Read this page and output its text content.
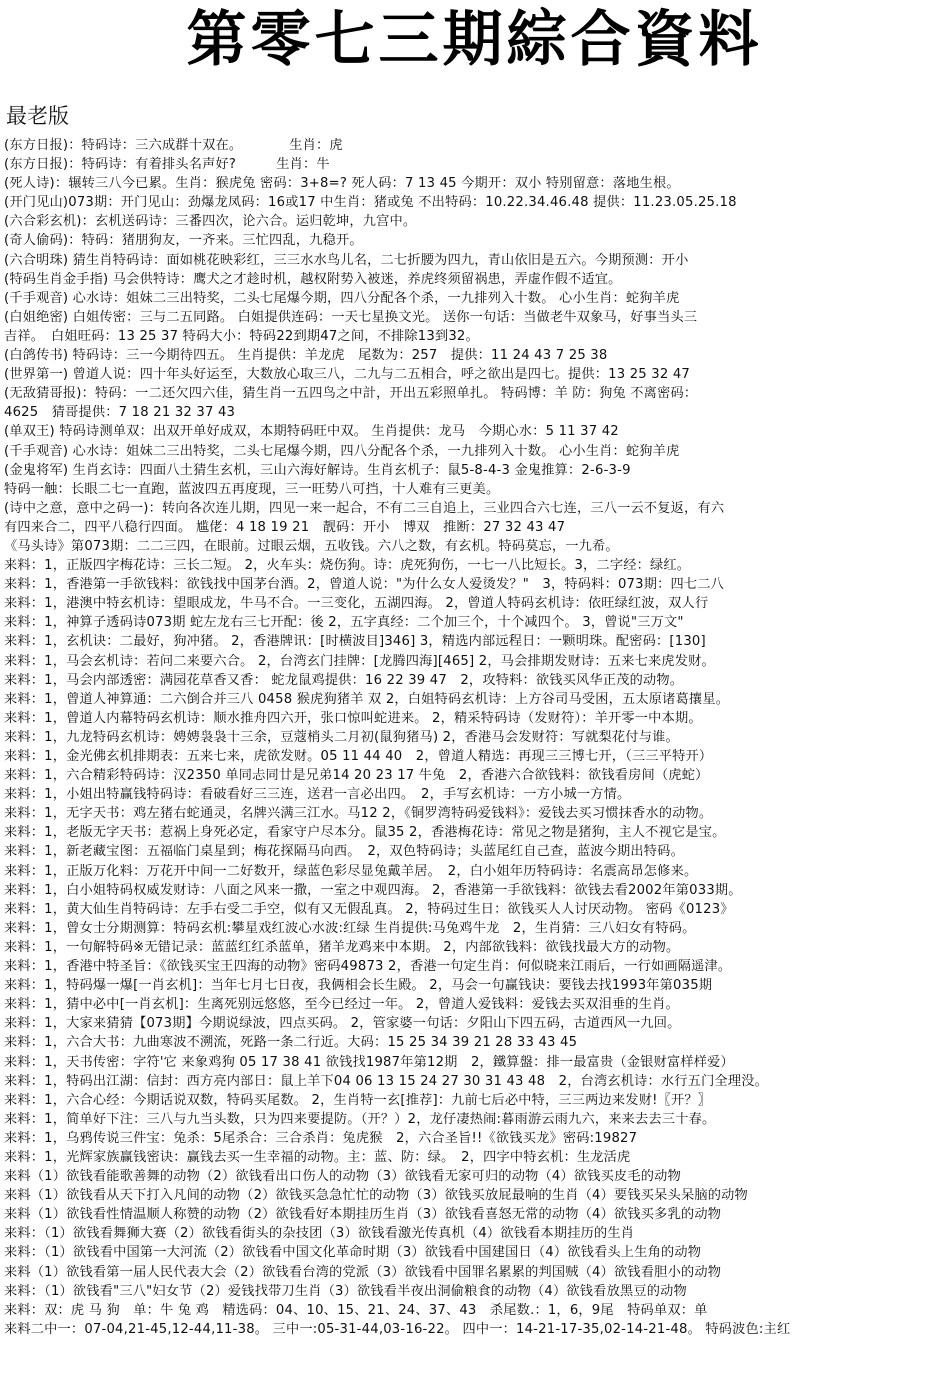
第零七三期綜合資料
最老版
(东方日报)：特码诗：三六成群十双在。　　　　生肖：虎
(东方日报)：特码诗：有着排头名声好?　　　生肖：牛
(死人诗)：辗转三八今已累。生肖：猴虎兔 密码：3+8=? 死人码：7 13 45 今期开：双小 特别留意：落地生根。
(开门见山)073期：开门见山：劲爆龙凤码：16或17 中生肖：猪或兔 不出特码：10.22.34.46.48 提供：11.23.05.25.18
(六合彩玄机)：玄机送码诗：三番四次，论六合。运归乾坤，九宫中。
(奇人偷码)：特码：猪朋狗友，一齐来。三忙四乱，九稳开。
(六合明珠) 猜生肖特码诗：面如桃花映彩红，三三水水鸟儿名，二七折腰为四九，青山依旧是五六。今期预测：开小
(特码生肖金手指) 马会供特诗：鹰犬之才趁时机，越权附势入被迷，养虎终须留祸患，弄虚作假不适宜。
(千手观音) 心水诗：姐妹二三出特奖，二头七尾爆今期，四八分配各个杀，一九排列入十数。 心小生肖：蛇狗羊虎
(白姐绝密) 白姐传密：三与二五同路。 白姐提供连码：一天七星换文光。 送你一句话：当做老牛双象马，好事当头三
吉祥。　白姐旺码：13 25 37 特码大小：特码22到期47之间，不排除13到32。
(白鸽传书) 特码诗：三一今期待四五。 生肖提供：羊龙虎　尾数为：257　提供：11 24 43 7 25 38
(世界第一) 曾道人说：四十年头好运至，大数放心取三八，二九与二五相合，呼之欲出是四七。提供：13 25 32 47
(无敌猜哥报)：特码：一二还欠四六佳，猜生肖一五四鸟之中計，开出五彩照单扎。 特码博：羊 防：狗兔 不离密码：
4625　猜哥提供：7 18 21 32 37 43
(单双王) 特码诗测单双：出双开单好成双，本期特码旺中双。 生肖提供：龙马　今期心水：5 11 37 42
(千手观音) 心水诗：姐妹二三出特奖，二头七尾爆今期，四八分配各个杀，一九排列入十数。 心小生肖：蛇狗羊虎
(金鬼将军) 生肖玄诗：四面八土猜生玄机，三山六海好解诗。生肖玄机子：鼠5-8-4-3 金鬼推算：2-6-3-9
特码一触：长眼二七一直跑，蓝波四五再度现，三一旺势八可挡，十人难有三更美。
(诗中之意，意中之码一)：转向各次连儿期，四见一来一起合，不有二三自追上，三业四合六七连，三八一云不复返，有六
有四来合二，四平八稳行四面。 尴佬：4 18 19 21　靓码：开小　博双　推断：27 32 43 47
《马头诗》第073期：二二三四，在眼前。过眼云烟，五收钱。六八之数，有玄机。特码莫忘，一九希。
来料：1，正版四字梅花诗：三长二短。 2，火车头：烧伤狗。诗：虎死狗伤，一七一八比短长。3，二字经：绿红。
来料：1，香港第一手欲钱料：欲钱找中国茅台酒。2，曾道人说："为什么女人爱烫发？"　3，特码料：073期：四七二八
来料：1，港澳中特玄机诗：望眼成龙，牛马不合。一三变化，五湖四海。 2，曾道人特码玄机诗：依旺绿红波，双人行
来料：1，神算子透码诗073期 蛇左龙右三七开配：後 2，五字真经：二个加三个，十个减四个。 3，曾说"三万文"
来料：1，玄机诀：二最好，狗冲猪。 2，香港牌讯：[时横波目]346] 3，精选内部远程日：一颗明珠。配密码：[130]
来料：1，马会玄机诗：若问二来要六合。 2，台湾玄门挂牌：[龙腾四海][465] 2，马会排期发财诗：五来七来虎发财。
来料：1，马会内部透密：满园花草香又香： 蛇龙鼠鸡提供：16 22 39 47　2，攻特料：欲钱买风华正茂的动物。
来料：1，曾道人神算通：二六倒合并三八 0458 猴虎狗猪羊 双 2，白姐特码玄机诗：上方谷司马受困，五太原诸葛攘星。
来料：1，曾道人内幕特码玄机诗：顺水推舟四六开，张口惊叫蛇进来。 2，精采特码诗（发财符）：羊开零一中本期。
来料：1，九龙特码玄机诗：娉娉袅袅十三余，豆蔻梢头二月初(鼠狗猪马) 2，香港马会发财符：写就梨花付与谁。
来料：1，金光佛玄机排期表：五来七来，虎欲发财。05 11 44 40　2，曾道人精选：再现三三博七开，（三三平特开）
来料：1，六合精彩特码诗：汉2350 单同忐同廿是兄弟14 20 23 17 牛兔　2，香港六合欲钱料：欲钱看房间（虎蛇）
来料：1，小姐出特赢钱特码诗：看破看好三三连，送君一言必出四。　2，手写玄机诗：一方小城一方情。
来料：1，无字天书：鸡左猪右蛇通灵，名牌兴满三江水。马12 2，《铜罗湾特码爱钱料》：爱钱去买习惯抹香水的动物。
来料：1，老版无字天书：惹祸上身死必定，看家守户尽本分。鼠35 2，香港梅花诗：常见之物是猪狗，主人不视它是宝。
来料：1，新老藏宝图：五福临门桌星到；梅花探隔马向西。　2，双色特码诗；头蓝尾红自己查，蓝波今期出特码。
来料：1，正版万化料：万花开中间一二好数开，绿蓝色彩尽显兔戴羊居。　2，白小姐年历特码诗：名震高昂怎修来。
来料：1，白小姐特码权威发财诗：八面之风来一撒，一室之中观四海。 2，香港第一手欲钱料：欲钱去看2002年第033期。
来料：1，黄大仙生肖特码诗：左手右受二手空，似有又无假乱真。 2，特码过生日：欲钱买人人讨厌动物。 密码《0123》
来料：1，曾女士分期测算：特码玄机:攀星戏红波心水波:红绿 生肖提供:马兔鸡牛龙　2，生肖猜：三八妇女有特码。
来料：1，一句解特码※无错记录：蓝蓝红红杀蓝单，猪羊龙鸡来中本期。 2，内部欲钱料：欲钱找最大方的动物。
来料：1，香港中特圣旨：《欲钱买宝王四海的动物》密码49873 2，香港一句定生肖：何似晓来江雨后，一行如画隔遥津。
来料：1，特码爆一爆[一肖玄机]：当年七月七日夜，我俩相会长生殿。 2，马会一句赢钱诀：要钱去找1993年第035期
来料：1，猜中必中[一肖玄机]：生离死别远悠悠，至今已经过一年。 2，曾道人爱钱料：爱钱去买双泪垂的生肖。
来料：1，大家来猜猜【073期】今期说绿波，四点买码。 2，管家婆一句话：夕阳山下四五码，古道西风一九回。
来料：1，六合大书：九曲寒波不溯流，死路一条二行近。大码：15 25 34 39 21 28 33 43 45
来料：1，天书传密：字符'它 来象鸡狗 05 17 38 41 欲钱找1987年第12期　2，鐵算盤：排一最富贵（金银财富样样爱）
来料：1，特码出江湖：信封：西方亮内部日：鼠上羊下04 06 13 15 24 27 30 31 43 48　2，台湾玄机诗：水行五门全理没。
来料：1，六合心经：今期话说双数，特码买尾数。 2，生肖特一玄[推荐]：九前七后必中特，三三两边来发财!〖开？〗
来料：1，简单好下注：三八与九当头数，只为四来要提防。（开？）2，龙仔凄热闹:暮雨游云雨九六，来来去去三十春。
来料：1，乌鸦传说三件宝：兔杀：5尾杀合：三合杀肖：兔虎猴　2，六合圣旨!!《欲钱买龙》密码:19827
来料：1，光辉家族赢钱密诀：赢钱去买一生幸福的动物。主：蓝、防：绿。　2，四字中特玄机：生龙活虎
来料（1）欲钱看能歌善舞的动物（2）欲钱看出口伤人的动物（3）欲钱看无家可归的动物（4）欲钱买皮毛的动物
来料（1）欲钱看从天下打入凡间的动物（2）欲钱买急急忙忙的动物（3）欲钱买放屁最响的生肖（4）要钱买呆头呆脑的动物
来料（1）欲钱看性情温顺人称赞的动物（2）欲钱看好本期挂历生肖（3）欲钱看喜怒无常的动物（4）欲钱买多乳的动物
来料：（1）欲钱看舞狮大赛（2）欲钱看街头的杂技团（3）欲钱看激光传真机（4）欲钱看本期挂历的生肖
来料：（1）欲钱看中国第一大河流（2）欲钱看中国文化革命时期（3）欲钱看中国建国日（4）欲钱看头上生角的动物
来料（1）欲钱看第一届人民代表大会（2）欲钱看台湾的党派（3）欲钱看中国罪名累累的判国贼（4）欲钱看胆小的动物
来料：（1）欲钱看"三八"妇女节（2）爱钱找带刀生肖（3）欲钱看半夜出洞偷粮食的动物（4）欲钱看放黑豆的动物
来料：双：虎 马 狗　单：牛 兔 鸡　精选码：04、10、15、21、24、37、43　杀尾数.：1，6，9尾　特码单双：单
来料二中一：07-04,21-45,12-44,11-38。 三中一:05-31-44,03-16-22。 四中一：14-21-17-35,02-14-21-48。 特码波色:主红
